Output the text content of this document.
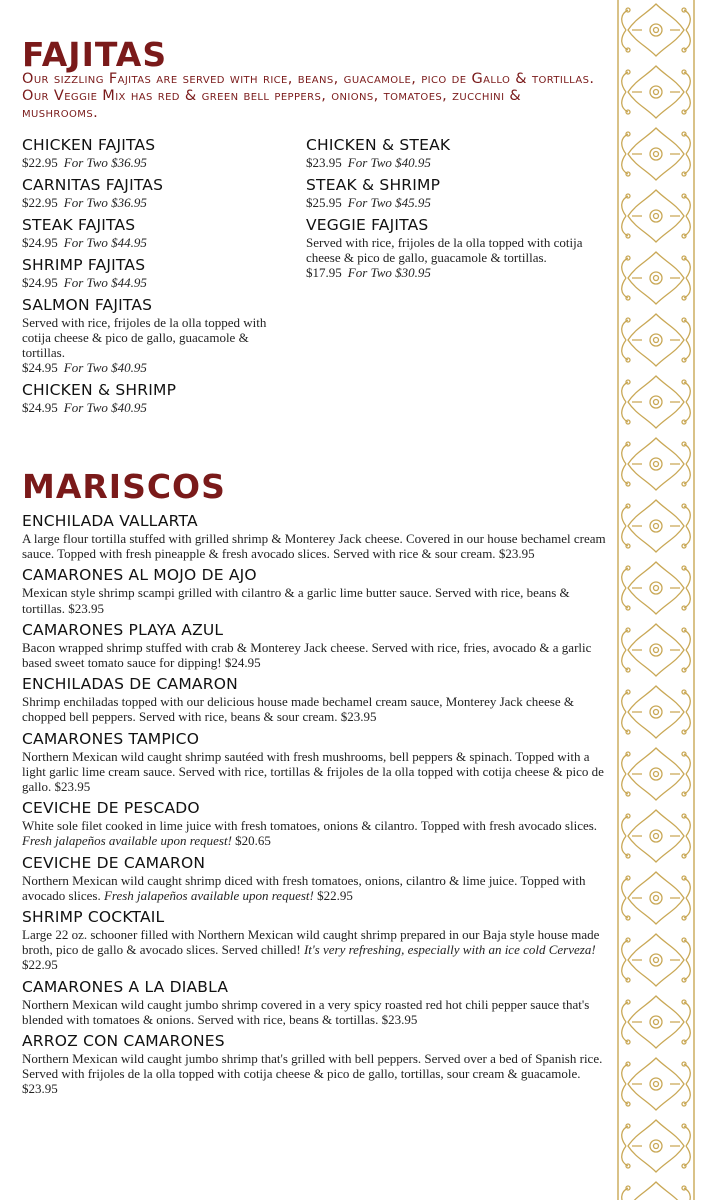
FAJITAS
Our sizzling Fajitas are served with rice, beans, guacamole, pico de Gallo & tortillas. Our Veggie Mix has red & green bell peppers, onions, tomatoes, zucchini & mushrooms.
CHICKEN FAJITAS
$22.95 For Two $36.95
CARNITAS FAJITAS
$22.95 For Two $36.95
STEAK FAJITAS
$24.95 For Two $44.95
SHRIMP FAJITAS
$24.95 For Two $44.95
SALMON FAJITAS
Served with rice, frijoles de la olla topped with cotija cheese & pico de gallo, guacamole & tortillas.
$24.95 For Two $40.95
CHICKEN & SHRIMP
$24.95 For Two $40.95
CHICKEN & STEAK
$23.95 For Two $40.95
STEAK & SHRIMP
$25.95 For Two $45.95
VEGGIE FAJITAS
Served with rice, frijoles de la olla topped with cotija cheese & pico de gallo, guacamole & tortillas.
$17.95 For Two $30.95
MARISCOS
ENCHILADA VALLARTA
A large flour tortilla stuffed with grilled shrimp & Monterey Jack cheese. Covered in our house bechamel cream sauce. Topped with fresh pineapple & fresh avocado slices. Served with rice & sour cream. $23.95
CAMARONES AL MOJO DE AJO
Mexican style shrimp scampi grilled with cilantro & a garlic lime butter sauce. Served with rice, beans & tortillas. $23.95
CAMARONES PLAYA AZUL
Bacon wrapped shrimp stuffed with crab & Monterey Jack cheese. Served with rice, fries, avocado & a garlic based sweet tomato sauce for dipping! $24.95
ENCHILADAS DE CAMARON
Shrimp enchiladas topped with our delicious house made bechamel cream sauce, Monterey Jack cheese & chopped bell peppers. Served with rice, beans & sour cream. $23.95
CAMARONES TAMPICO
Northern Mexican wild caught shrimp sautéed with fresh mushrooms, bell peppers & spinach. Topped with a light garlic lime cream sauce. Served with rice, tortillas & frijoles de la olla topped with cotija cheese & pico de gallo. $23.95
CEVICHE DE PESCADO
White sole filet cooked in lime juice with fresh tomatoes, onions & cilantro. Topped with fresh avocado slices. Fresh jalapeños available upon request! $20.65
CEVICHE DE CAMARON
Northern Mexican wild caught shrimp diced with fresh tomatoes, onions, cilantro & lime juice. Topped with avocado slices. Fresh jalapeños available upon request! $22.95
SHRIMP COCKTAIL
Large 22 oz. schooner filled with Northern Mexican wild caught shrimp prepared in our Baja style house made broth, pico de gallo & avocado slices. Served chilled! It's very refreshing, especially with an ice cold Cerveza! $22.95
CAMARONES A LA DIABLA
Northern Mexican wild caught jumbo shrimp covered in a very spicy roasted red hot chili pepper sauce that's blended with tomatoes & onions. Served with rice, beans & tortillas. $23.95
ARROZ CON CAMARONES
Northern Mexican wild caught jumbo shrimp that's grilled with bell peppers. Served over a bed of Spanish rice. Served with frijoles de la olla topped with cotija cheese & pico de gallo, tortillas, sour cream & guacamole. $23.95
